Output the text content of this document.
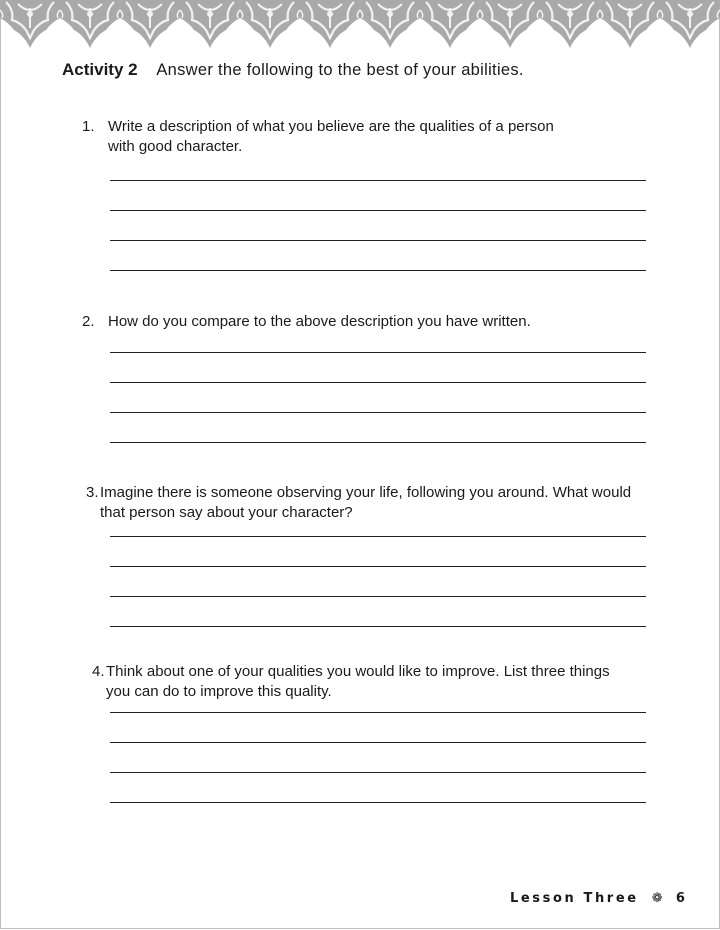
Activity 2 Answer the following to the best of your abilities.
1. Write a description of what you believe are the qualities of a person
with good character.
2. How do you compare to the above description you have written.
3.Imagine there is someone observing your life, following you around. What would
that person say about your character?
4.Think about one of your qualities you would like to improve. List three things
you can do to improve this quality.
Lesson Three ❁ 6
